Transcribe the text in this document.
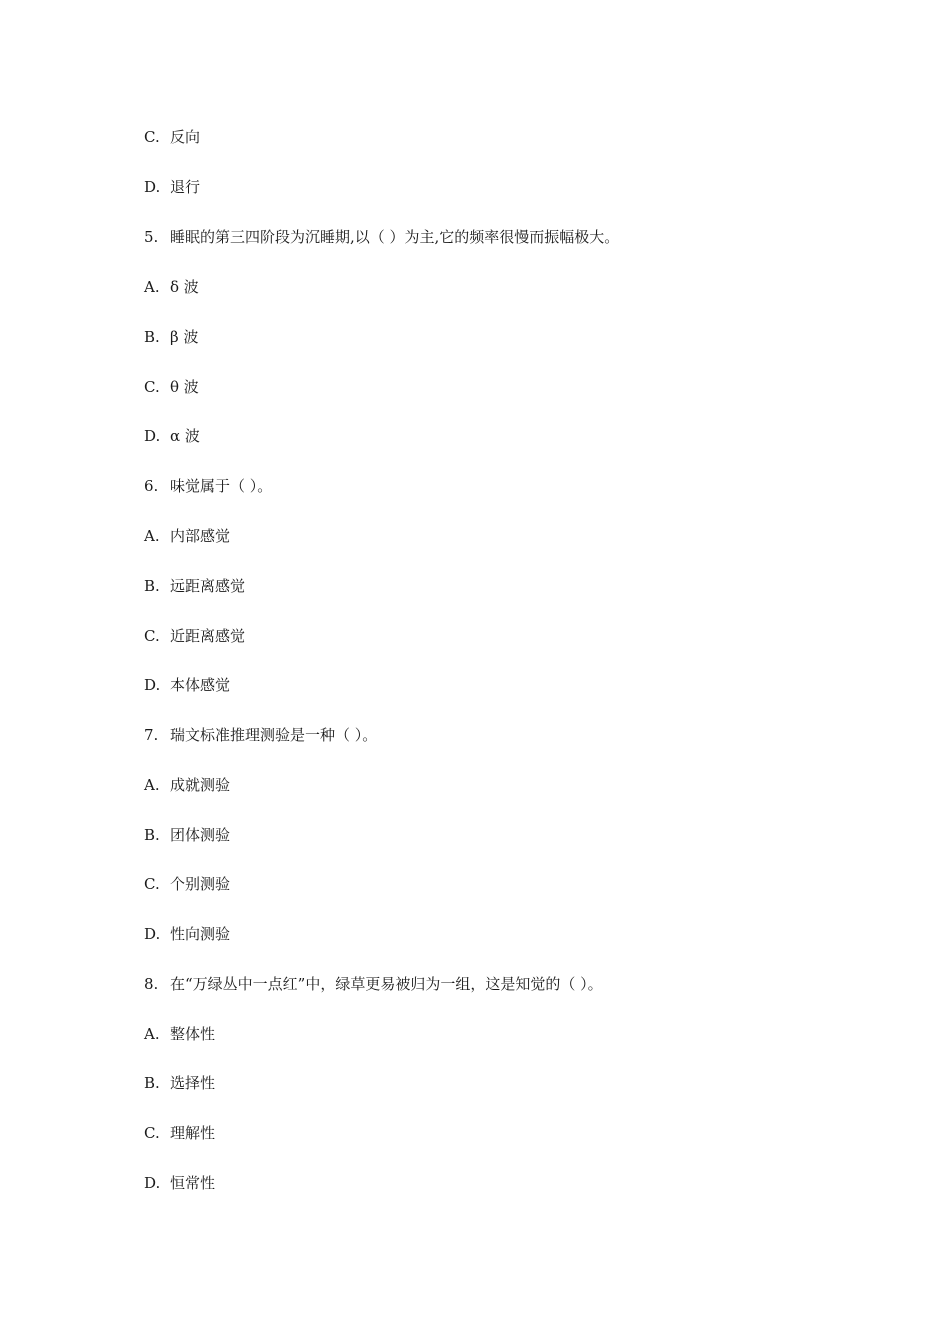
C. 反向
D. 退行
5. 睡眠的第三四阶段为沉睡期,以（ ）为主,它的频率很慢而振幅极大。
A. δ 波
B. β 波
C. θ 波
D. α 波
6. 味觉属于（ ）。
A. 内部感觉
B. 远距离感觉
C. 近距离感觉
D. 本体感觉
7. 瑞文标准推理测验是一种（ ）。
A. 成就测验
B. 团体测验
C. 个别测验
D. 性向测验
8. 在“万绿丛中一点红”中，绿草更易被归为一组，这是知觉的（ ）。
A. 整体性
B. 选择性
C. 理解性
D. 恒常性
